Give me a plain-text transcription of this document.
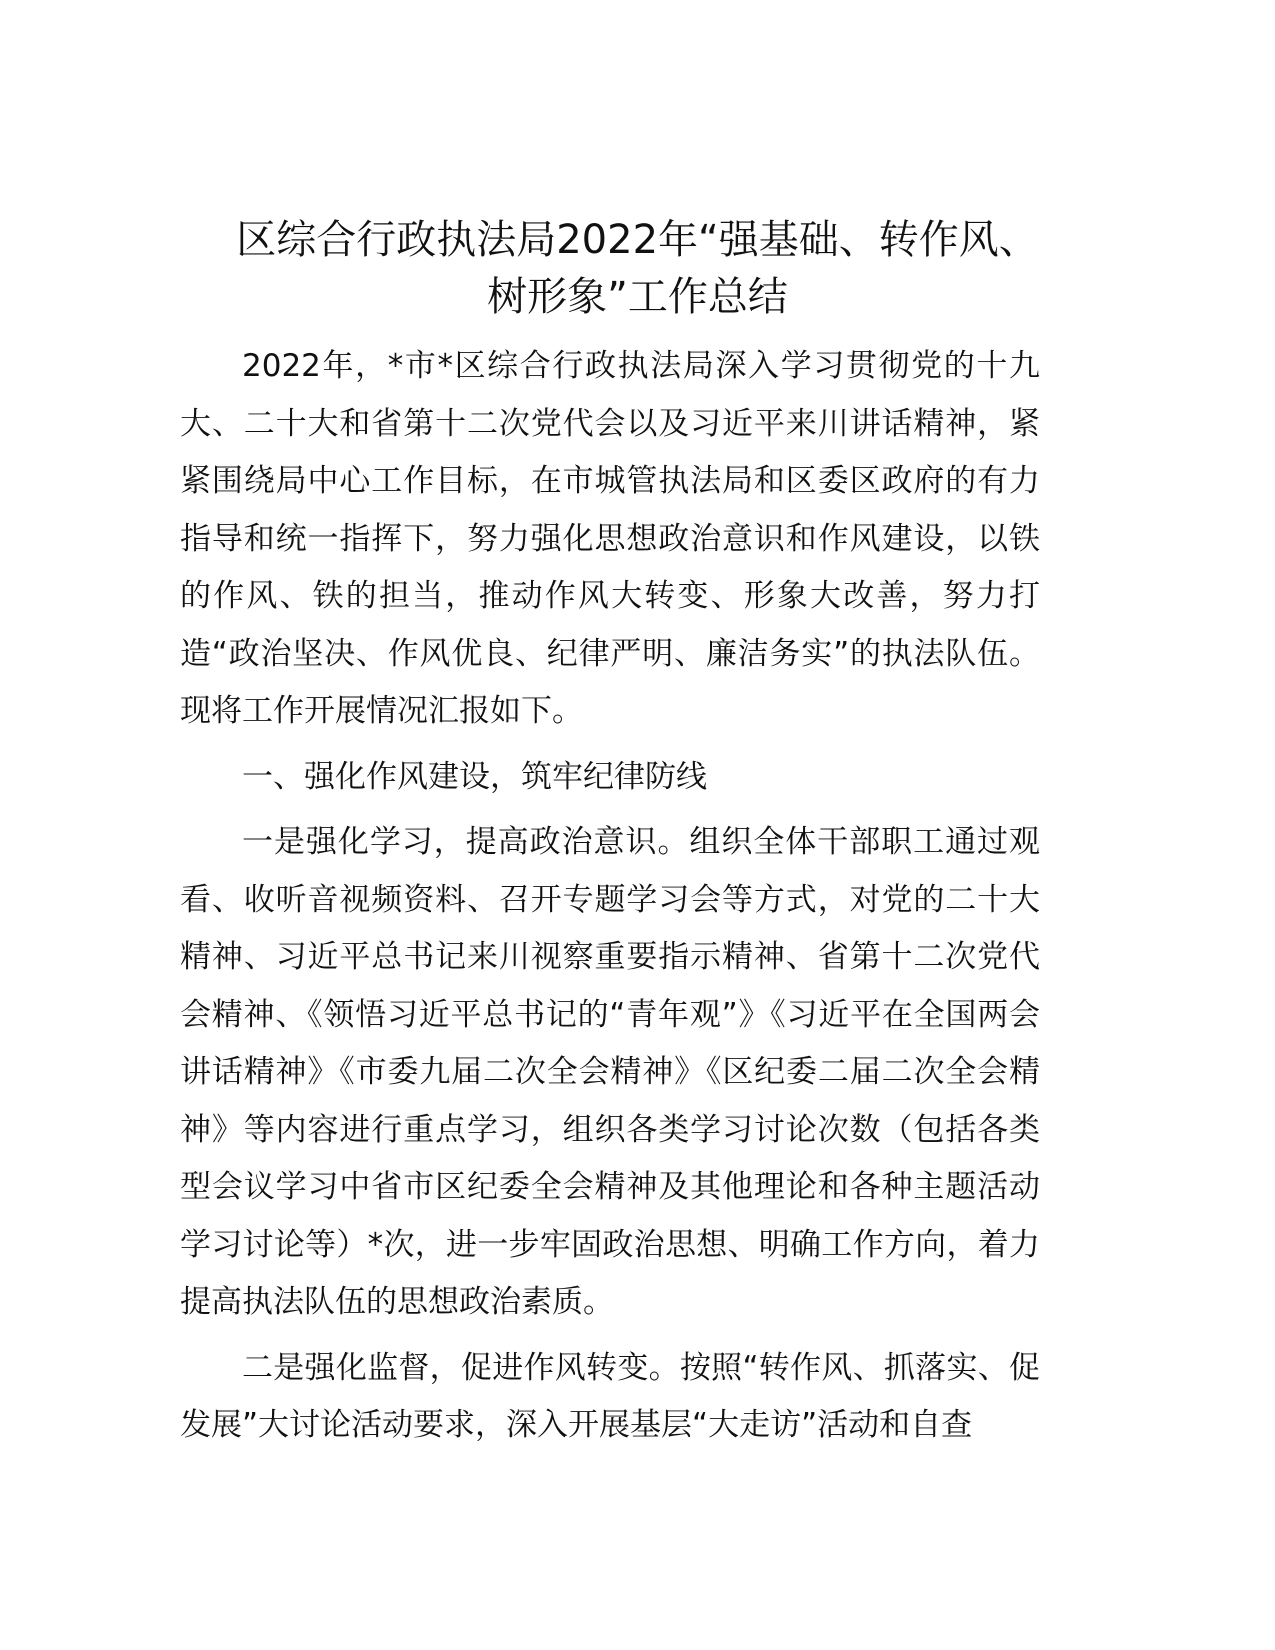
区综合行政执法局2022年“强基础、转作风、
树形象”工作总结

2022年，*市*区综合行政执法局深入学习贯彻党的十九大、二十大和省第十二次党代会以及习近平来川讲话精神，紧紧围绕局中心工作目标，在市城管执法局和区委区政府的有力指导和统一指挥下，努力强化思想政治意识和作风建设，以铁的作风、铁的担当，推动作风大转变、形象大改善，努力打造“政治坚决、作风优良、纪律严明、廉洁务实”的执法队伍。现将工作开展情况汇报如下。

一、强化作风建设，筑牢纪律防线

一是强化学习，提高政治意识。组织全体干部职工通过观看、收听音视频资料、召开专题学习会等方式，对党的二十大精神、习近平总书记来川视察重要指示精神、省第十二次党代会精神、《领悟习近平总书记的“青年观”》《习近平在全国两会讲话精神》《市委九届二次全会精神》《区纪委二届二次全会精神》等内容进行重点学习，组织各类学习讨论次数（包括各类型会议学习中省市区纪委全会精神及其他理论和各种主题活动学习讨论等）*次，进一步牢固政治思想、明确工作方向，着力提高执法队伍的思想政治素质。

二是强化监督，促进作风转变。按照“转作风、抓落实、促发展”大讨论活动要求，深入开展基层“大走访”活动和自查
